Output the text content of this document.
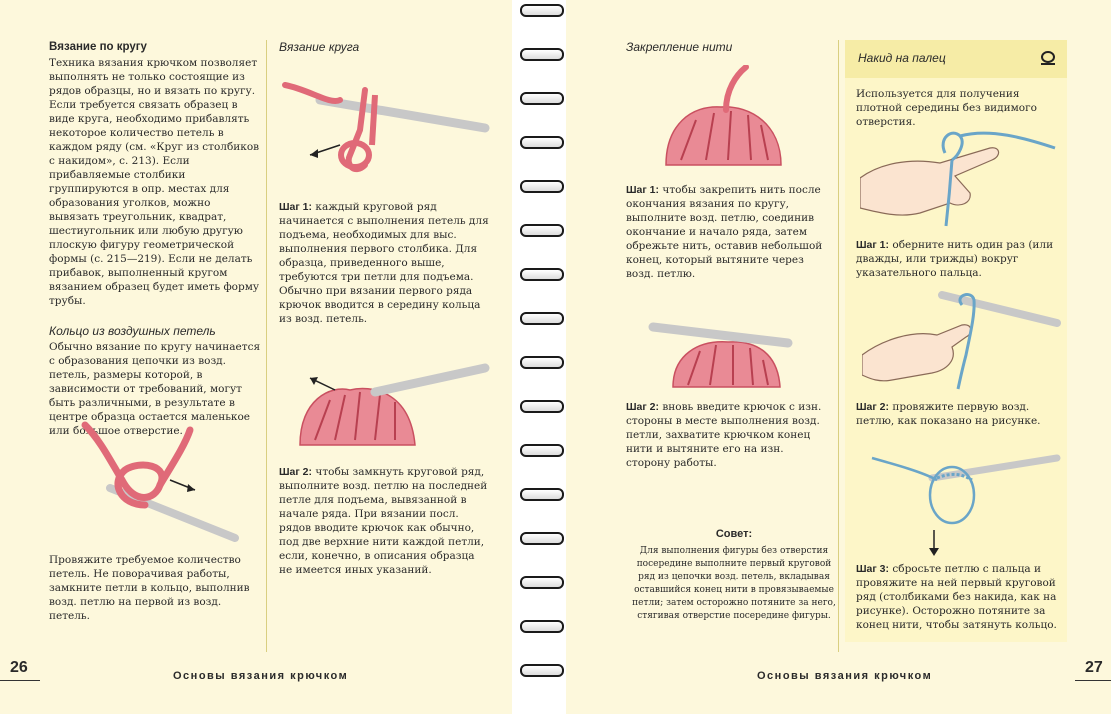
Вязание по кругу

Техника вязания крючком позволяет выполнять не только состоящие из рядов образцы, но и вязать по кругу. Если требуется связать образец в виде круга, необходимо прибавлять некоторое количество петель в каждом ряду (см. «Круг из столбиков с накидом», с. 213). Если прибавляемые столбики группируются в опр. местах для образования уголков, можно вывязать треугольник, квадрат, шестиугольник или любую другую плоскую фигуру геометрической формы (с. 215—219). Если не делать прибавок, выполненный кругом вязанием образец будет иметь форму трубы.

Кольцо из воздушных петель

Обычно вязание по кругу начинается с образования цепочки из возд. петель, размеры которой, в зависимости от требований, могут быть различными, в результате в центре образца остается маленькое или большое отверстие.

Провяжите требуемое количество петель. Не поворачивая работы, замкните петли в кольцо, выполнив возд. петлю на первой из возд. петель.

Вязание круга

Шаг 1: каждый круговой ряд начинается с выполнения петель для подъема, необходимых для выс. выполнения первого столбика. Для образца, приведенного выше, требуются три петли для подъема. Обычно при вязании первого ряда крючок вводится в середину кольца из возд. петель.

Шаг 2: чтобы замкнуть круговой ряд, выполните возд. петлю на последней петле для подъема, вывязанной в начале ряда. При вязании посл. рядов вводите крючок как обычно, под две верхние нити каждой петли, если, конечно, в описания образца не имеется иных указаний.

26	Основы вязания крючком

Закрепление нити

Шаг 1: чтобы закрепить нить после окончания вязания по кругу, выполните возд. петлю, соединив окончание и начало ряда, затем обрежьте нить, оставив небольшой конец, который вытяните через возд. петлю.

Шаг 2: вновь введите крючок с изн. стороны в месте выполнения возд. петли, захватите крючком конец нити и вытяните его на изн. сторону работы.

Совет:

Для выполнения фигуры без отверстия посередине выполните первый круговой ряд из цепочки возд. петель, вкладывая оставшийся конец нити в провязываемые петли; затем осторожно потяните за него, стягивая отверстие посередине фигуры.

Накид на палец

Используется для получения плотной середины без видимого отверстия.

Шаг 1: оберните нить один раз (или дважды, или трижды) вокруг указательного пальца.

Шаг 2: провяжите первую возд. петлю, как показано на рисунке.

Шаг 3: сбросьте петлю с пальца и провяжите на ней первый круговой ряд (столбиками без накида, как на рисунке). Осторожно потяните за конец нити, чтобы затянуть кольцо.

27
Основы вязания крючком
